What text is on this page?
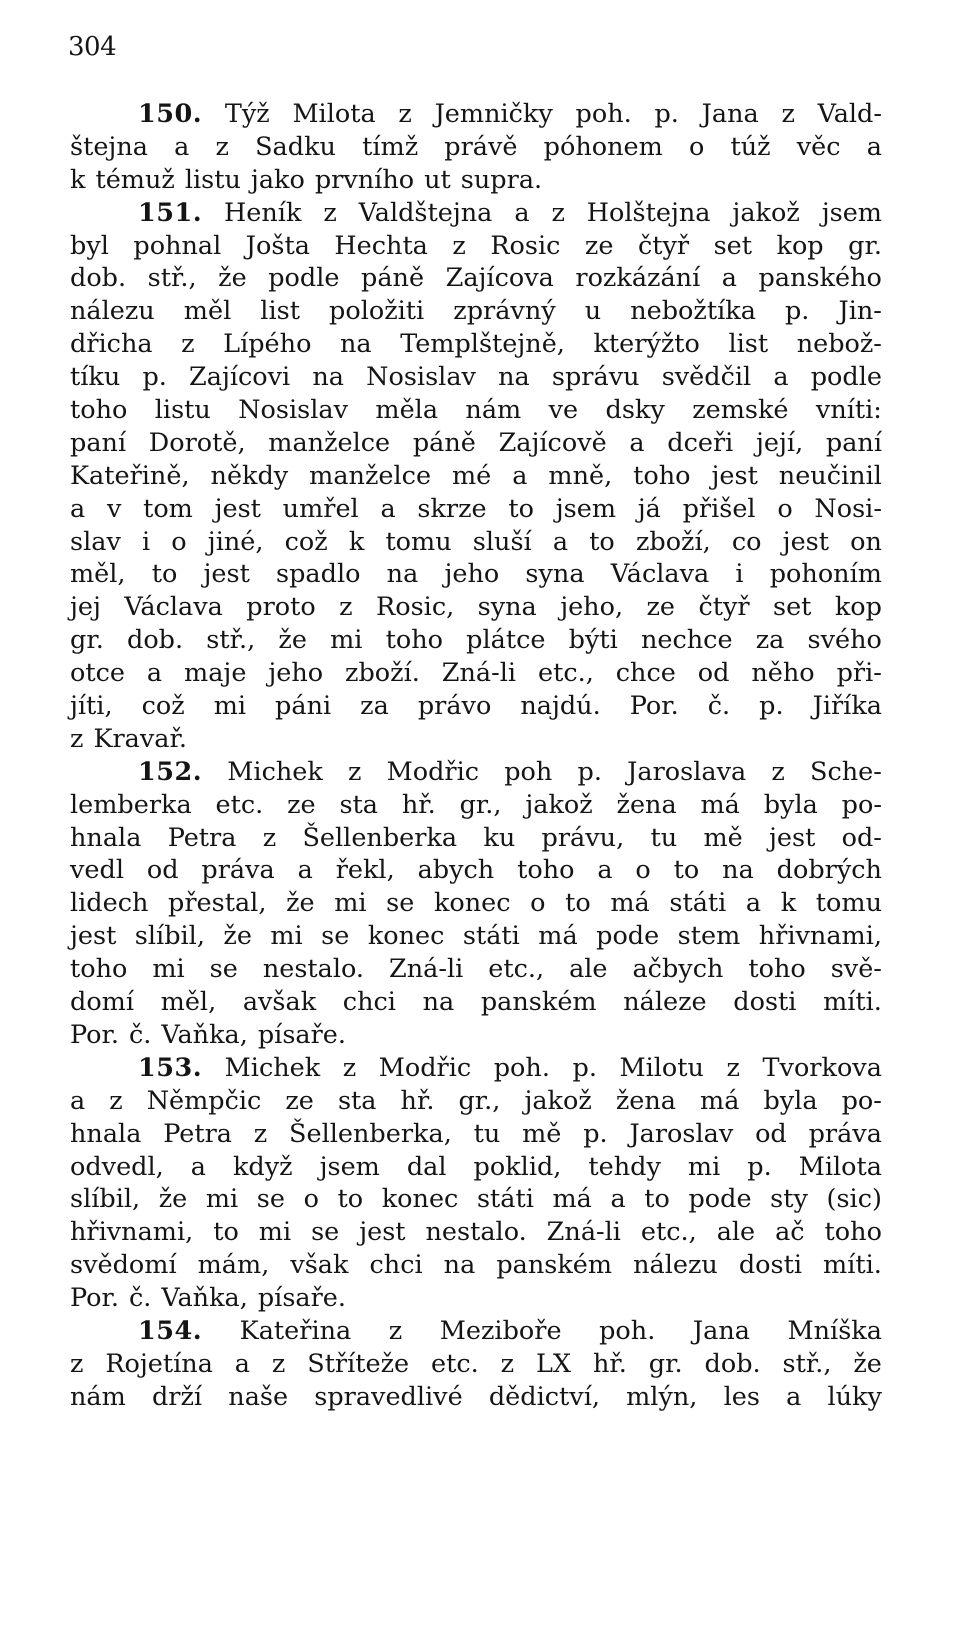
304
150. Týž Milota z Jemničky poh. p. Jana z Vald-
štejna a z Sadku tímž právě póhonem o túž věc a
k témuž listu jako prvního ut supra.
151. Heník z Valdštejna a z Holštejna jakož jsem
byl pohnal Jošta Hechta z Rosic ze čtyř set kop gr.
dob. stř., že podle páně Zajícova rozkázání a panského
nálezu měl list položiti zprávný u nebožtíka p. Jin-
dřicha z Lípého na Templštejně, kterýžto list nebož-
tíku p. Zajícovi na Nosislav na správu svědčil a podle
toho listu Nosislav měla nám ve dsky zemské vníti:
paní Dorotě, manželce páně Zajícově a dceři její, paní
Kateřině, někdy manželce mé a mně, toho jest neučinil
a v tom jest umřel a skrze to jsem já přišel o Nosi-
slav i o jiné, což k tomu sluší a to zboží, co jest on
měl, to jest spadlo na jeho syna Václava i pohoním
jej Václava proto z Rosic, syna jeho, ze čtyř set kop
gr. dob. stř., že mi toho plátce býti nechce za svého
otce a maje jeho zboží. Zná-li etc., chce od něho při-
jíti, což mi páni za právo najdú. Por. č. p. Jiříka
z Kravař.
152. Michek z Modřic poh p. Jaroslava z Sche-
lemberka etc. ze sta hř. gr., jakož žena má byla po-
hnala Petra z Šellenberka ku právu, tu mě jest od-
vedl od práva a řekl, abych toho a o to na dobrých
lidech přestal, že mi se konec o to má státi a k tomu
jest slíbil, že mi se konec státi má pode stem hřivnami,
toho mi se nestalo. Zná-li etc., ale ačbych toho svě-
domí měl, avšak chci na panském náleze dosti míti.
Por. č. Vaňka, písaře.
153. Michek z Modřic poh. p. Milotu z Tvorkova
a z Němpčic ze sta hř. gr., jakož žena má byla po-
hnala Petra z Šellenberka, tu mě p. Jaroslav od práva
odvedl, a když jsem dal poklid, tehdy mi p. Milota
slíbil, že mi se o to konec státi má a to pode sty (sic)
hřivnami, to mi se jest nestalo. Zná-li etc., ale ač toho
svědomí mám, však chci na panském nálezu dosti míti.
Por. č. Vaňka, písaře.
154. Kateřina z Meziboře poh. Jana Mníška
z Rojetína a z Stříteže etc. z LX hř. gr. dob. stř., že
nám drží naše spravedlivé dědictví, mlýn, les a lúky
